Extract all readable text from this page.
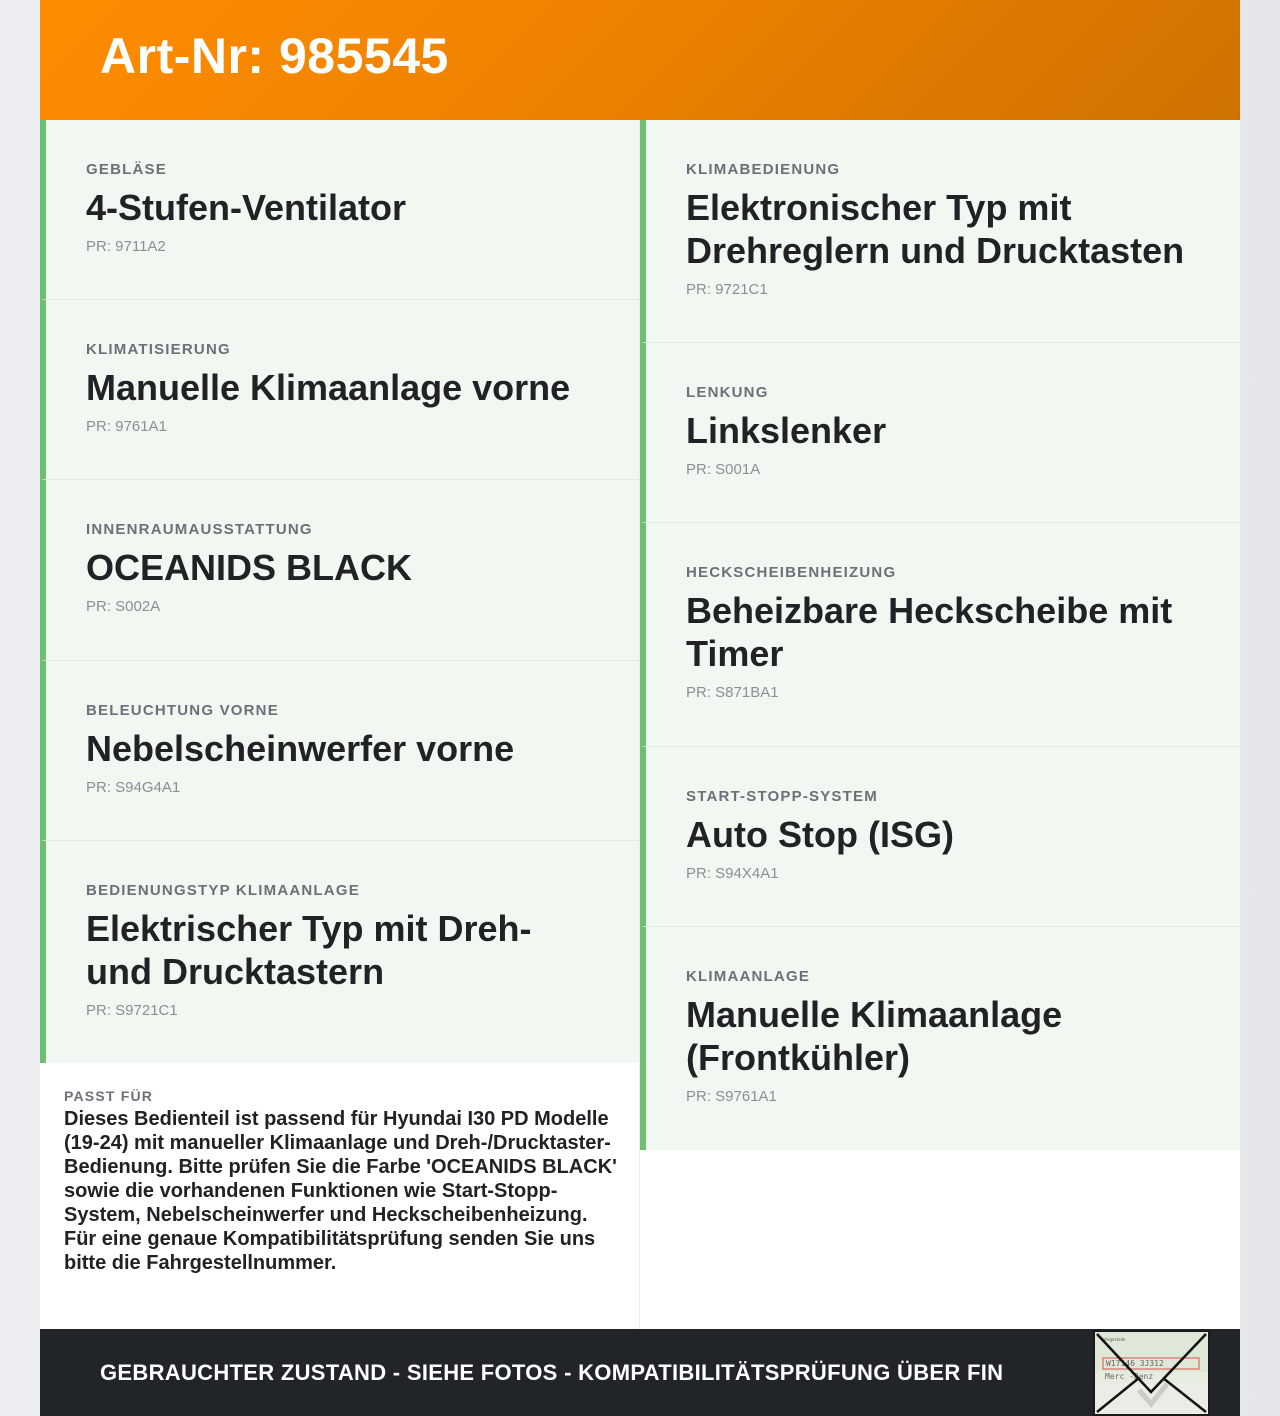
Art-Nr: 985545
GEBLÄSE
4-Stufen-Ventilator
PR: 9711A2
KLIMATISIERUNG
Manuelle Klimaanlage vorne
PR: 9761A1
INNENRAUMAUSSTATTUNG
OCEANIDS BLACK
PR: S002A
BELEUCHTUNG VORNE
Nebelscheinwerfer vorne
PR: S94G4A1
BEDIENUNGSTYP KLIMAANLAGE
Elektrischer Typ mit Dreh- und Drucktastern
PR: S9721C1
PASST FÜR
Dieses Bedienteil ist passend für Hyundai I30 PD Modelle (19-24) mit manueller Klimaanlage und Dreh-/Drucktaster-Bedienung. Bitte prüfen Sie die Farbe 'OCEANIDS BLACK' sowie die vorhandenen Funktionen wie Start-Stopp-System, Nebelscheinwerfer und Heckscheibenheizung. Für eine genaue Kompatibilitätsprüfung senden Sie uns bitte die Fahrgestellnummer.
KLIMABEDIENUNG
Elektronischer Typ mit Drehreglern und Drucktasten
PR: 9721C1
LENKUNG
Linkslenker
PR: S001A
HECKSCHEIBENHEIZUNG
Beheizbare Heckscheibe mit Timer
PR: S871BA1
START-STOPP-SYSTEM
Auto Stop (ISG)
PR: S94X4A1
KLIMAANLAGE
Manuelle Klimaanlage (Frontkühler)
PR: S9761A1
GEBRAUCHTER ZUSTAND - SIEHE FOTOS - KOMPATIBILITÄTSPRÜFUNG ÜBER FIN
Fahrgestelle
W17146 3J312
Merc -Benz
